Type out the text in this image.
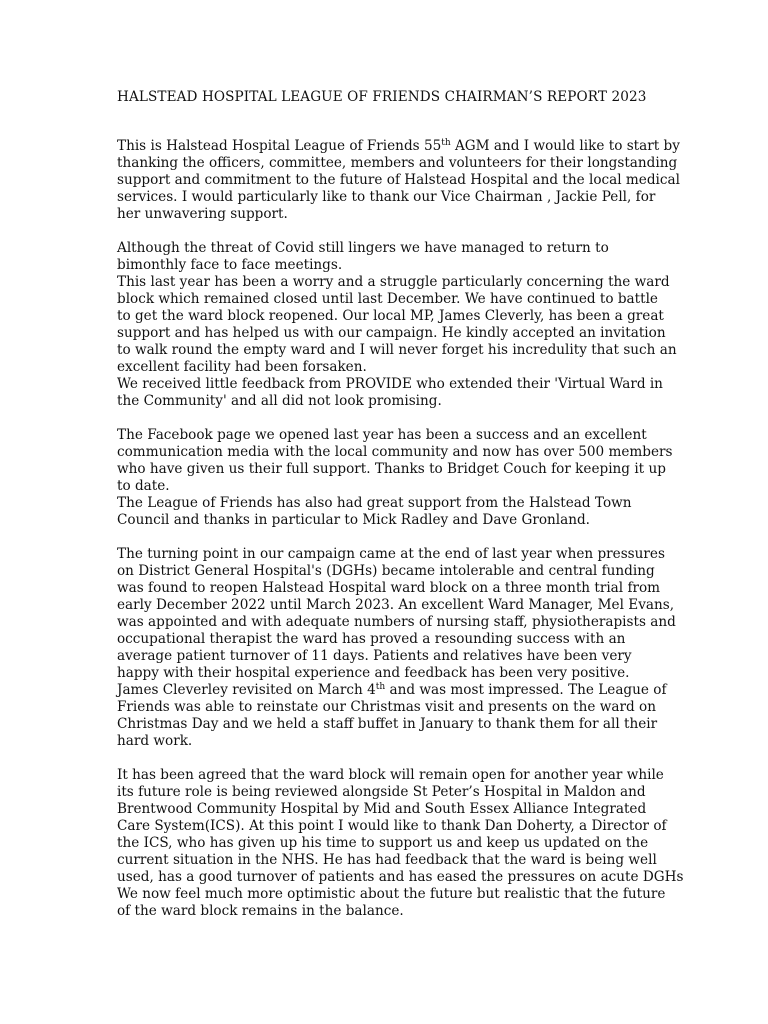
HALSTEAD HOSPITAL LEAGUE OF FRIENDS CHAIRMAN’S REPORT 2023
This is Halstead Hospital League of Friends 55th AGM and I would like to start by
thanking the officers, committee, members and volunteers for their longstanding
support and commitment to the future of Halstead Hospital and the local medical
services. I would particularly like to thank our Vice Chairman , Jackie Pell, for
her unwavering support.
Although the threat of Covid still lingers we have managed to return to
bimonthly face to face meetings.
This last year has been a worry and a struggle particularly concerning the ward
block which remained closed until last December. We have continued to battle
to get the ward block reopened. Our local MP, James Cleverly, has been a great
support and has helped us with our campaign. He kindly accepted an invitation
to walk round the empty ward and I will never forget his incredulity that such an
excellent facility had been forsaken.
We received little feedback from PROVIDE who extended their 'Virtual Ward in
the Community' and all did not look promising.
The Facebook page we opened last year has been a success and an excellent
communication media with the local community and now has over 500 members
who have given us their full support. Thanks to Bridget Couch for keeping it up
to date.
The League of Friends has also had great support from the Halstead Town
Council and thanks in particular to Mick Radley and Dave Gronland.
The turning point in our campaign came at the end of last year when pressures
on District General Hospital's (DGHs) became intolerable and central funding
was found to reopen Halstead Hospital ward block on a three month trial from
early December 2022 until March 2023. An excellent Ward Manager, Mel Evans,
was appointed and with adequate numbers of nursing staff, physiotherapists and
occupational therapist the ward has proved a resounding success with an
average patient turnover of 11 days. Patients and relatives have been very
happy with their hospital experience and feedback has been very positive.
James Cleverley revisited on March 4th and was most impressed. The League of
Friends was able to reinstate our Christmas visit and presents on the ward on
Christmas Day and we held a staff buffet in January to thank them for all their
hard work.
It has been agreed that the ward block will remain open for another year while
its future role is being reviewed alongside St Peter’s Hospital in Maldon and
Brentwood Community Hospital by Mid and South Essex Alliance Integrated
Care System(ICS). At this point I would like to thank Dan Doherty, a Director of
the ICS, who has given up his time to support us and keep us updated on the
current situation in the NHS. He has had feedback that the ward is being well
used, has a good turnover of patients and has eased the pressures on acute DGHs
We now feel much more optimistic about the future but realistic that the future
of the ward block remains in the balance.
